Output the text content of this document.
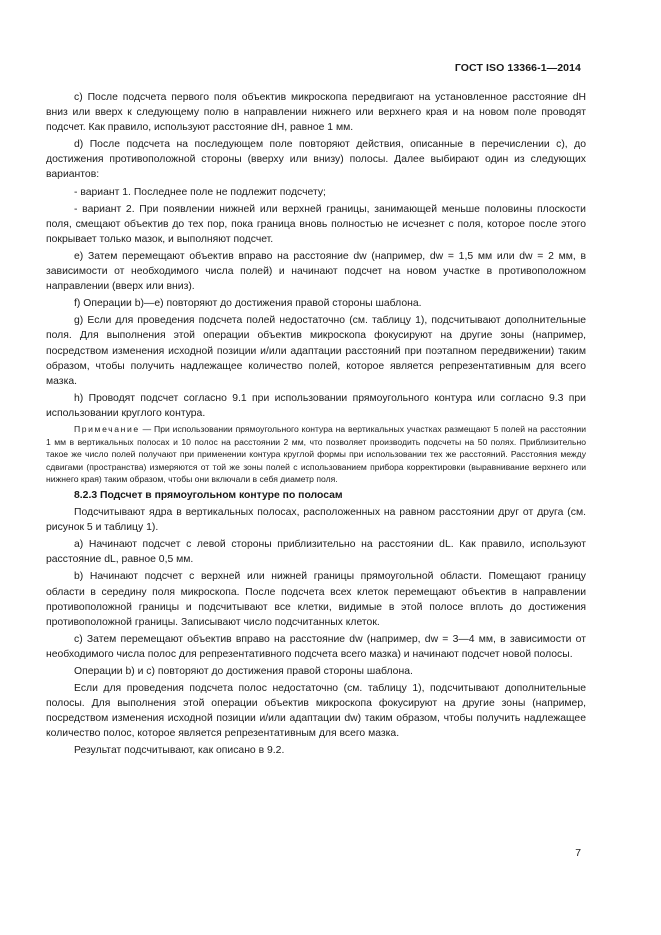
ГОСТ ISO 13366-1—2014

c) После подсчета первого поля объектив микроскопа передвигают на установленное расстояние dH вниз или вверх к следующему полю в направлении нижнего или верхнего края и на новом поле проводят подсчет. Как правило, используют расстояние dH, равное 1 мм.

d) После подсчета на последующем поле повторяют действия, описанные в перечислении c), до достижения противоположной стороны (вверху или внизу) полосы. Далее выбирают один из следующих вариантов:

- вариант 1. Последнее поле не подлежит подсчету;

- вариант 2. При появлении нижней или верхней границы, занимающей меньше половины плоскости поля, смещают объектив до тех пор, пока граница вновь полностью не исчезнет с поля, которое после этого покрывает только мазок, и выполняют подсчет.

e) Затем перемещают объектив вправо на расстояние dw (например, dw = 1,5 мм или dw = 2 мм, в зависимости от необходимого числа полей) и начинают подсчет на новом участке в противоположном направлении (вверх или вниз).

f) Операции b)—e) повторяют до достижения правой стороны шаблона.

g) Если для проведения подсчета полей недостаточно (см. таблицу 1), подсчитывают дополнительные поля. Для выполнения этой операции объектив микроскопа фокусируют на другие зоны (например, посредством изменения исходной позиции и/или адаптации расстояний при поэтапном передвижении) таким образом, чтобы получить надлежащее количество полей, которое является репрезентативным для всего мазка.

h) Проводят подсчет согласно 9.1 при использовании прямоугольного контура или согласно 9.3 при использовании круглого контура.

Примечание — При использовании прямоугольного контура на вертикальных участках размещают 5 полей на расстоянии 1 мм в вертикальных полосах и 10 полос на расстоянии 2 мм, что позволяет производить подсчеты на 50 полях. Приблизительно такое же число полей получают при применении контура круглой формы при использовании тех же расстояний. Расстояния между сдвигами (пространства) измеряются от той же зоны полей с использованием прибора корректировки (выравнивание верхнего или нижнего края) таким образом, чтобы они включали в себя диаметр поля.

8.2.3 Подсчет в прямоугольном контуре по полосам

Подсчитывают ядра в вертикальных полосах, расположенных на равном расстоянии друг от друга (см. рисунок 5 и таблицу 1).

a) Начинают подсчет с левой стороны приблизительно на расстоянии dL. Как правило, используют расстояние dL, равное 0,5 мм.

b) Начинают подсчет с верхней или нижней границы прямоугольной области. Помещают границу области в середину поля микроскопа. После подсчета всех клеток перемещают объектив в направлении противоположной границы и подсчитывают все клетки, видимые в этой полосе вплоть до достижения противоположной границы. Записывают число подсчитанных клеток.

c) Затем перемещают объектив вправо на расстояние dw (например, dw = 3—4 мм, в зависимости от необходимого числа полос для репрезентативного подсчета всего мазка) и начинают подсчет новой полосы.

Операции b) и c) повторяют до достижения правой стороны шаблона.

Если для проведения подсчета полос недостаточно (см. таблицу 1), подсчитывают дополнительные полосы. Для выполнения этой операции объектив микроскопа фокусируют на другие зоны (например, посредством изменения исходной позиции и/или адаптации dw) таким образом, чтобы получить надлежащее количество полос, которое является репрезентативным для всего мазка.

Результат подсчитывают, как описано в 9.2.

7
